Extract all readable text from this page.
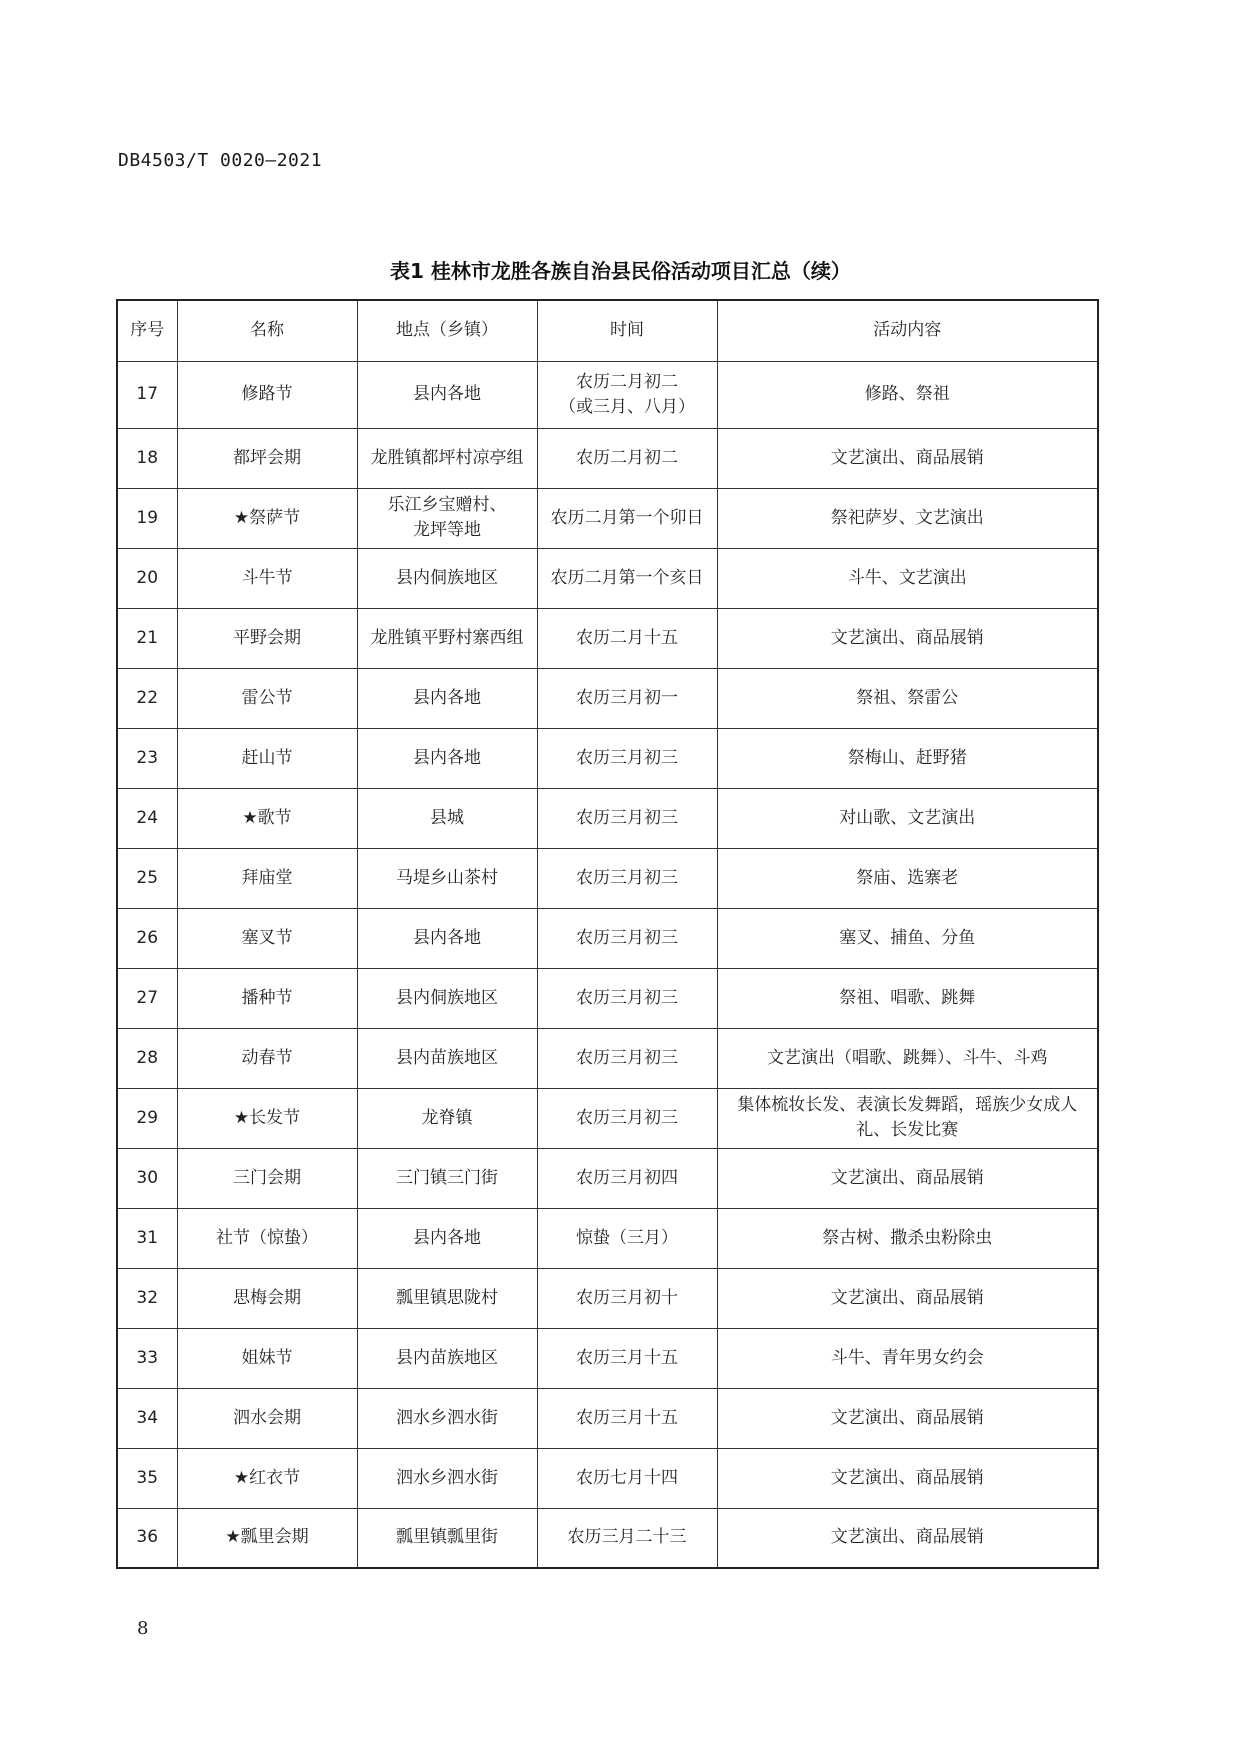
DB4503/T 0020—2021
表1 桂林市龙胜各族自治县民俗活动项目汇总（续）
序号	名称	地点（乡镇）	时间	活动内容
17	修路节	县内各地	农历二月初二
（或三月、八月）	修路、祭祖
18	都坪会期	龙胜镇都坪村凉亭组	农历二月初二	文艺演出、商品展销
19	★祭萨节	乐江乡宝赠村、
龙坪等地	农历二月第一个卯日	祭祀萨岁、文艺演出
20	斗牛节	县内侗族地区	农历二月第一个亥日	斗牛、文艺演出
21	平野会期	龙胜镇平野村寨西组	农历二月十五	文艺演出、商品展销
22	雷公节	县内各地	农历三月初一	祭祖、祭雷公
23	赶山节	县内各地	农历三月初三	祭梅山、赶野猪
24	★歌节	县城	农历三月初三	对山歌、文艺演出
25	拜庙堂	马堤乡山茶村	农历三月初三	祭庙、选寨老
26	塞叉节	县内各地	农历三月初三	塞叉、捕鱼、分鱼
27	播种节	县内侗族地区	农历三月初三	祭祖、唱歌、跳舞
28	动春节	县内苗族地区	农历三月初三	文艺演出（唱歌、跳舞）、斗牛、斗鸡
29	★长发节	龙脊镇	农历三月初三	集体梳妆长发、表演长发舞蹈，瑶族少女成人
礼、长发比赛
30	三门会期	三门镇三门街	农历三月初四	文艺演出、商品展销
31	社节（惊蛰）	县内各地	惊蛰（三月）	祭古树、撒杀虫粉除虫
32	思梅会期	瓢里镇思陇村	农历三月初十	文艺演出、商品展销
33	姐妹节	县内苗族地区	农历三月十五	斗牛、青年男女约会
34	泗水会期	泗水乡泗水街	农历三月十五	文艺演出、商品展销
35	★红衣节	泗水乡泗水街	农历七月十四	文艺演出、商品展销
36	★瓢里会期	瓢里镇瓢里街	农历三月二十三	文艺演出、商品展销
8
